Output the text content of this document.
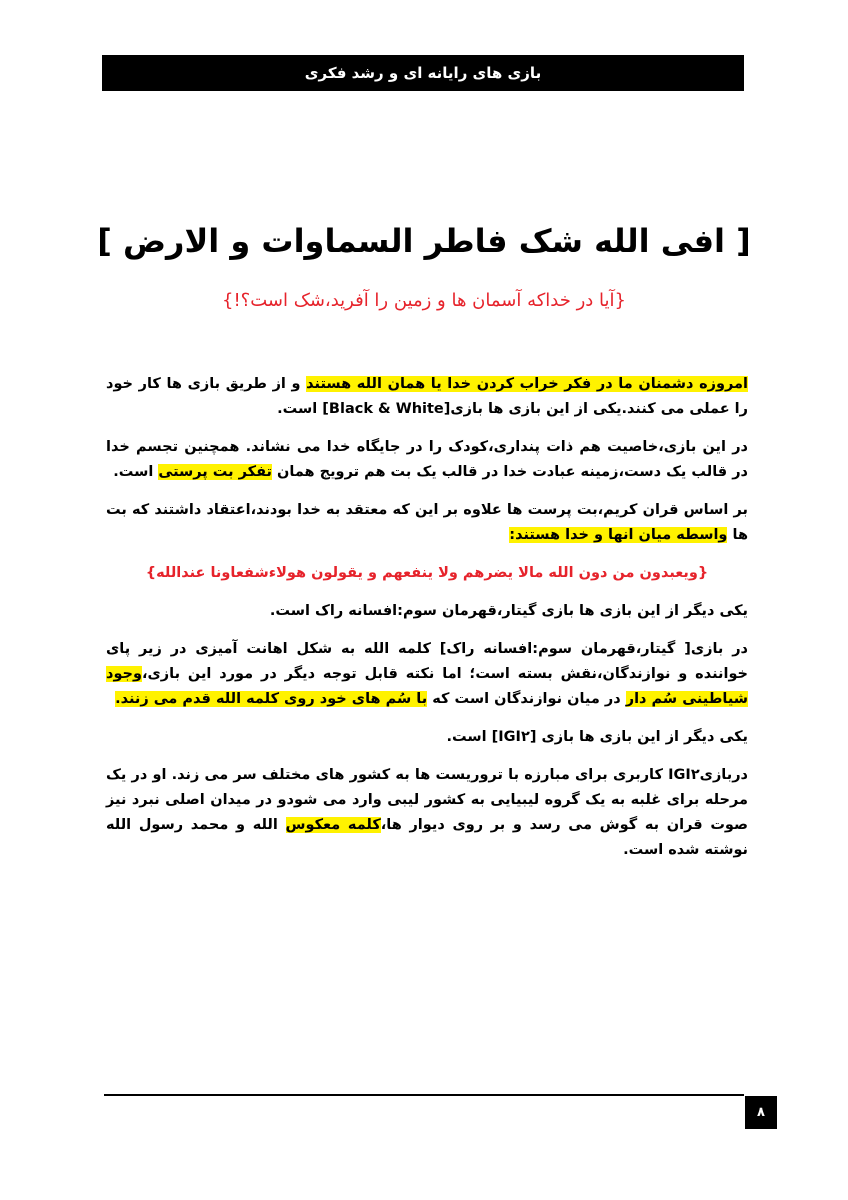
بازی های رایانه ای و رشد فکری
[ افی الله شک فاطر السماوات و الارض ]
{آیا در خداکه آسمان ها و زمین را آفرید،شک است؟!}

امروزه دشمنان ما در فکر خراب کردن خدا یا همان الله هستند و از طریق بازی ها کار خود را عملی می کنند.یکی از این بازی ها بازی[Black & White] است.

در این بازی،خاصیت هم ذات پنداری،کودک را در جایگاه خدا می نشاند. همچنین تجسم خدا در قالب یک دست،زمینه عبادت خدا در قالب یک بت هم ترویج همان تفکر بت پرستی است.

بر اساس قران کریم،بت پرست ها علاوه بر این که معتقد به خدا بودند،اعتقاد داشتند که بت ها واسطه میان انها و خدا هستند:

{ویعبدون من دون الله مالا یضرهم ولا ینفعهم و یقولون هولاءشفعاونا عندالله}

یکی دیگر از این بازی ها بازی گیتار،قهرمان سوم:افسانه راک است.

در بازی[ گیتار،قهرمان سوم:افسانه راک] کلمه الله به شکل اهانت آمیزی در زیر پای خواننده و نوازندگان،نقش بسته است؛ اما نکته قابل توجه دیگر در مورد این بازی،وجود شیاطینی سُم دار در میان نوازندگان است که با سُم های خود روی کلمه الله قدم می زنند.

یکی دیگر از این بازی ها بازی [IGI۲] است.

دربازیIGI۲ کاربری برای مبارزه با تروریست ها به کشور های مختلف سر می زند. او در یک مرحله برای غلبه به یک گروه لیبیایی به کشور لیبی وارد می شودو در میدان اصلی نبرد نیز صوت قران به گوش می رسد و بر روی دیوار ها،کلمه معکوس الله و محمد رسول الله نوشته شده است.

۸
